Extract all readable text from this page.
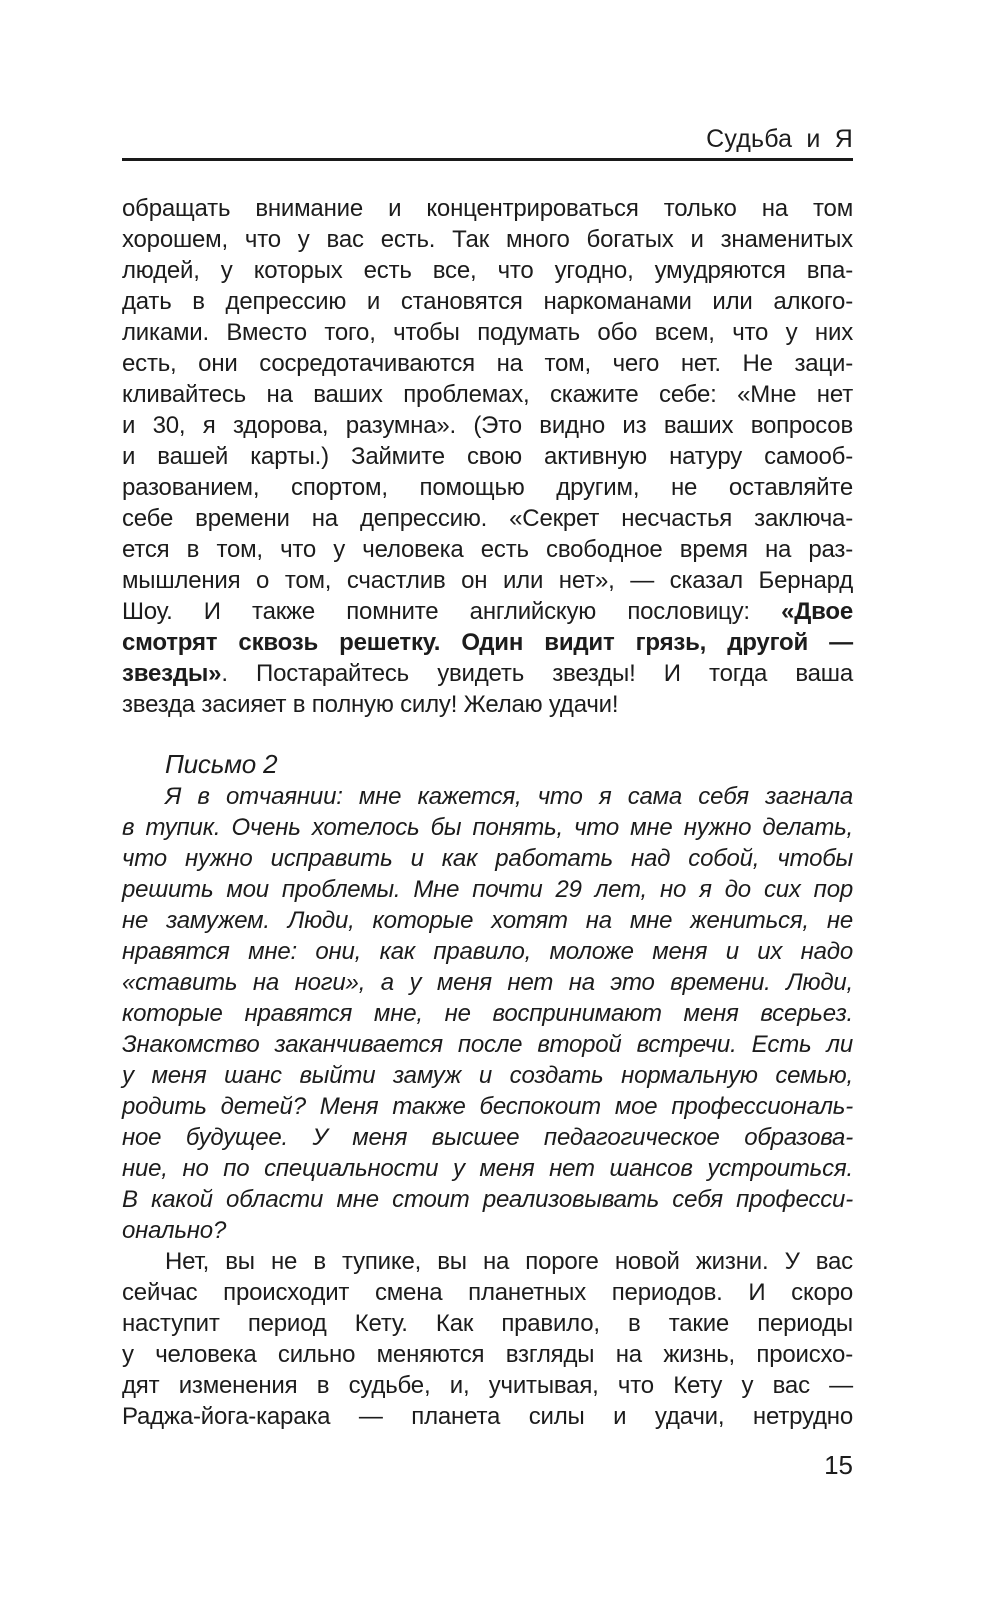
Судьба и Я
обращать внимание и концентрироваться только на том
хорошем, что у вас есть. Так много богатых и знаменитых
людей, у которых есть все, что угодно, умудряются впа-
дать в депрессию и становятся наркоманами или алкого-
ликами. Вместо того, чтобы подумать обо всем, что у них
есть, они сосредотачиваются на том, чего нет. Не заци-
кливайтесь на ваших проблемах, скажите себе: «Мне нет
и 30, я здорова, разумна». (Это видно из ваших вопросов
и вашей карты.) Займите свою активную натуру самооб-
разованием, спортом, помощью другим, не оставляйте
себе времени на депрессию. «Секрет несчастья заключа-
ется в том, что у человека есть свободное время на раз-
мышления о том, счастлив он или нет», — сказал Бернард
Шоу. И также помните английскую пословицу: «Двое
смотрят сквозь решетку. Один видит грязь, другой —
звезды». Постарайтесь увидеть звезды! И тогда ваша
звезда засияет в полную силу! Желаю удачи!
Письмо 2
Я в отчаянии: мне кажется, что я сама себя загнала
в тупик. Очень хотелось бы понять, что мне нужно делать,
что нужно исправить и как работать над собой, чтобы
решить мои проблемы. Мне почти 29 лет, но я до сих пор
не замужем. Люди, которые хотят на мне жениться, не
нравятся мне: они, как правило, моложе меня и их надо
«ставить на ноги», а у меня нет на это времени. Люди,
которые нравятся мне, не воспринимают меня всерьез.
Знакомство заканчивается после второй встречи. Есть ли
у меня шанс выйти замуж и создать нормальную семью,
родить детей? Меня также беспокоит мое профессиональ-
ное будущее. У меня высшее педагогическое образова-
ние, но по специальности у меня нет шансов устроиться.
В какой области мне стоит реализовывать себя професси-
онально?
Нет, вы не в тупике, вы на пороге новой жизни. У вас
сейчас происходит смена планетных периодов. И скоро
наступит период Кету. Как правило, в такие периоды
у человека сильно меняются взгляды на жизнь, происхо-
дят изменения в судьбе, и, учитывая, что Кету у вас —
Раджа-йога-карака — планета силы и удачи, нетрудно
15
